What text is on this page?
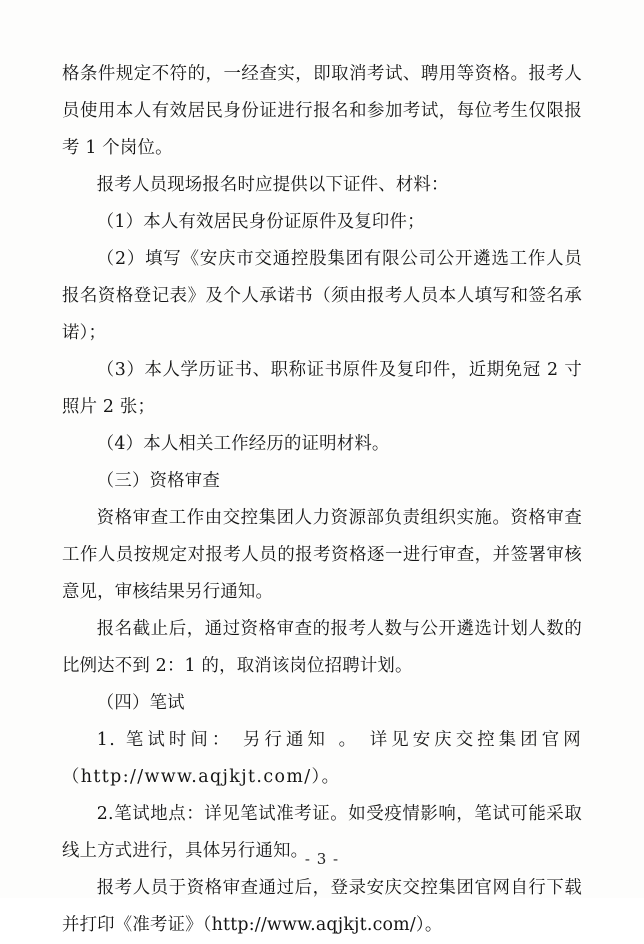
格条件规定不符的，一经查实，即取消考试、聘用等资格。报考人员使用本人有效居民身份证进行报名和参加考试，每位考生仅限报考 1 个岗位。

报考人员现场报名时应提供以下证件、材料：

（1）本人有效居民身份证原件及复印件；

（2）填写《安庆市交通控股集团有限公司公开遴选工作人员报名资格登记表》及个人承诺书（须由报考人员本人填写和签名承诺）；

（3）本人学历证书、职称证书原件及复印件，近期免冠 2 寸照片 2 张；

（4）本人相关工作经历的证明材料。

（三）资格审查

资格审查工作由交控集团人力资源部负责组织实施。资格审查工作人员按规定对报考人员的报考资格逐一进行审查，并签署审核意见，审核结果另行通知。

报名截止后，通过资格审查的报考人数与公开遴选计划人数的比例达不到 2：1 的，取消该岗位招聘计划。

（四）笔试

1. 笔试时间： 另行通知 。 详见安庆交控集团官网（http://www.aqjkjt.com/）。

2.笔试地点：详见笔试准考证。如受疫情影响，笔试可能采取线上方式进行，具体另行通知。

报考人员于资格审查通过后，登录安庆交控集团官网自行下载并打印《准考证》（http://www.aqjkjt.com/）。

- 3 -
